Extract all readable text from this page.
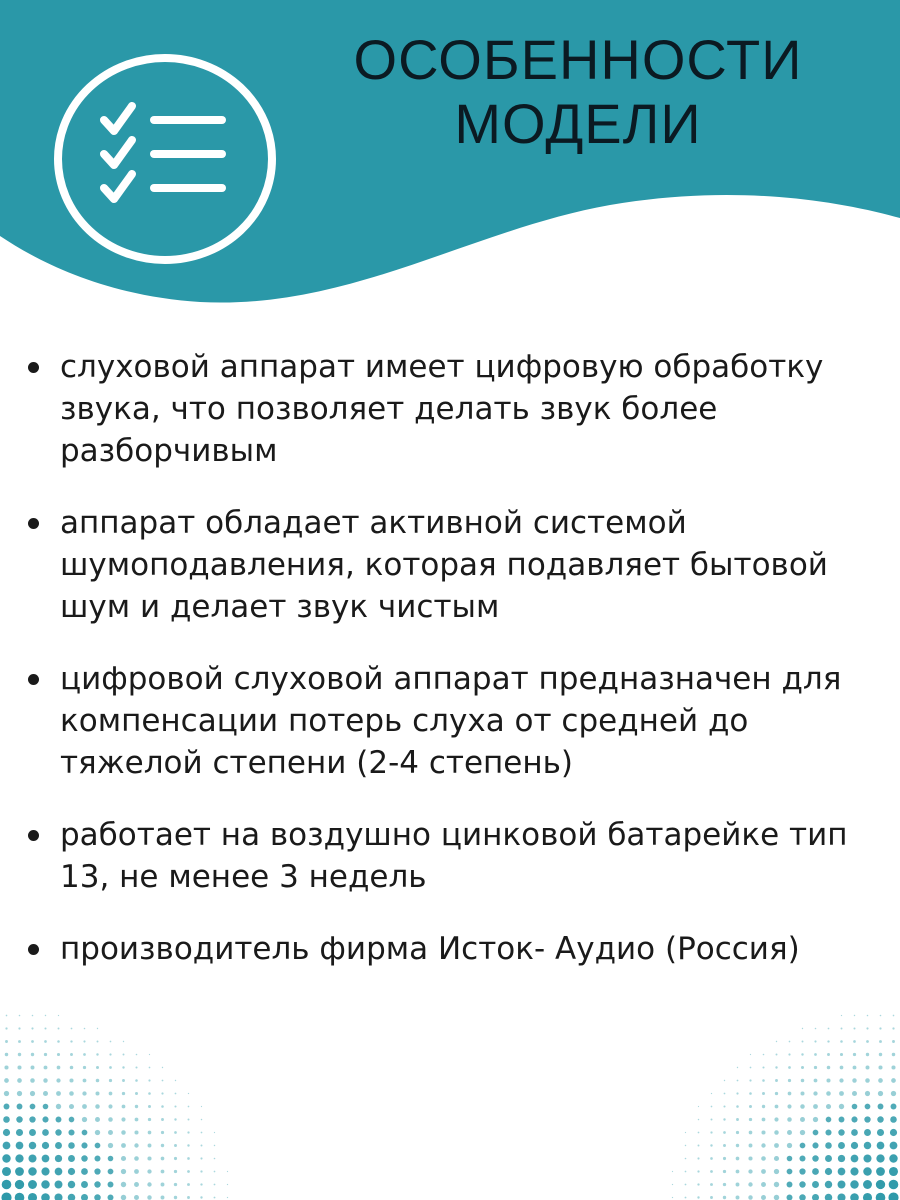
ОСОБЕННОСТИ
МОДЕЛИ
слуховой аппарат имеет цифровую обработку звука, что позволяет делать звук более разборчивым
аппарат обладает активной системой шумоподавления, которая подавляет бытовой шум и делает звук чистым
цифровой слуховой аппарат предназначен для компенсации потерь слуха от средней до тяжелой степени (2-4 степень)
работает на воздушно цинковой батарейке тип 13, не менее 3 недель
производитель фирма Исток- Аудио (Россия)
